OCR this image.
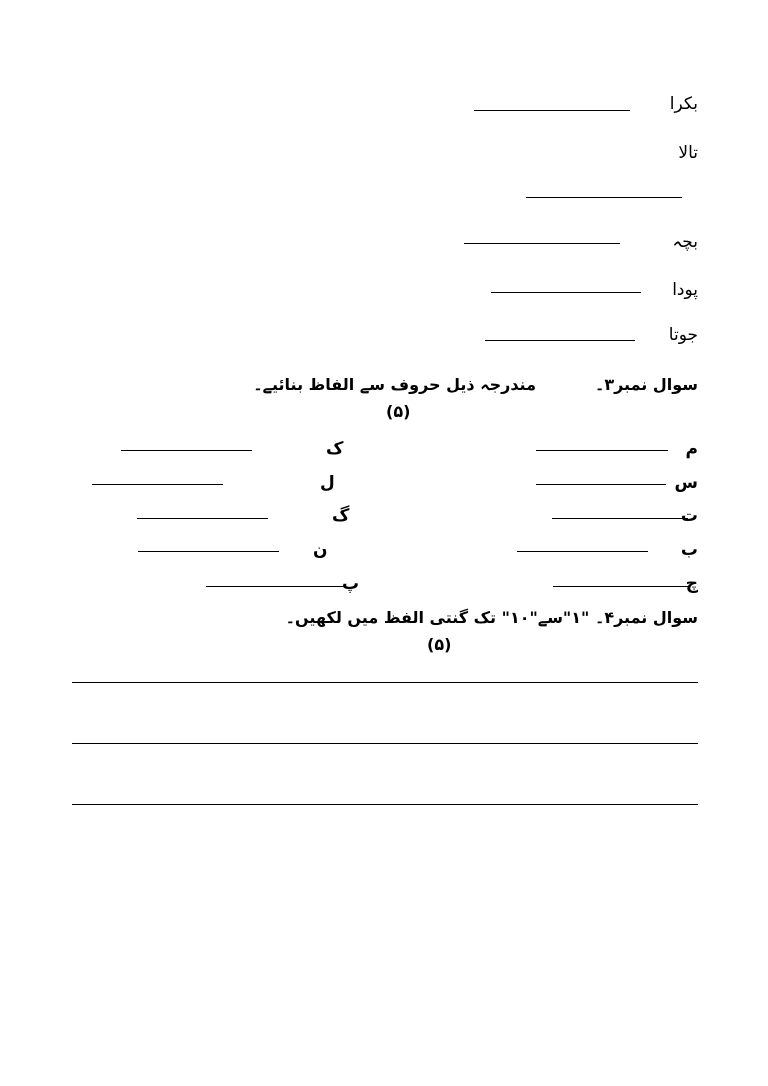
بکرا
تالا
بچہ
پودا
جوتا
سوال نمبر۳۔
مندرجہ ذیل حروف سے الفاظ بنائیے۔
(۵)
م
س
ت
ب
چ
ک
ل
گ
ن
پ
سوال نمبر۴۔ "۱"سے"۱۰" تک گنتی الفظ میں لکھیں۔
(۵)
